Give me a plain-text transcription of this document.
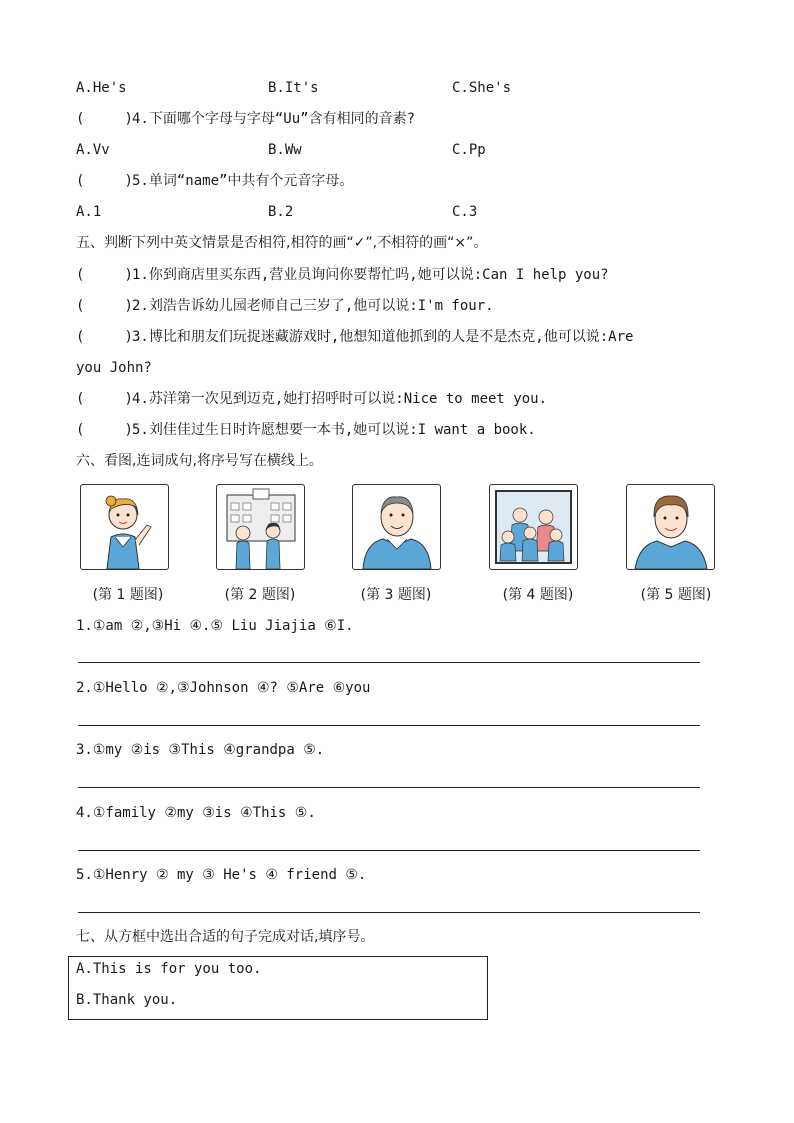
A.He's	B.It's	C.She's
(	)4.下面哪个字母与字母“Uu”含有相同的音素?
A.Vv	B.Ww	C.Pp
(	)5.单词“name”中共有个元音字母。
A.1	B.2	C.3
五、判断下列中英文情景是否相符,相符的画“✓”,不相符的画“×”。
(	)1.你到商店里买东西,营业员询问你要帮忙吗,她可以说:Can I help you?
(	)2.刘浩告诉幼儿园老师自己三岁了,他可以说:I'm four.
(	)3.博比和朋友们玩捉迷藏游戏时,他想知道他抓到的人是不是杰克,他可以说:Are
you John?
(	)4.苏洋第一次见到迈克,她打招呼时可以说:Nice to meet you.
(	)5.刘佳佳过生日时许愿想要一本书,她可以说:I want a book.
六、看图,连词成句,将序号写在横线上。
(第 1 题图)	(第 2 题图)	(第 3 题图)	(第 4 题图)	(第 5 题图)
1.①am ②,③Hi ④.⑤ Liu Jiajia ⑥I.
2.①Hello ②,③Johnson ④? ⑤Are ⑥you
3.①my ②is ③This ④grandpa ⑤.
4.①family ②my ③is ④This ⑤.
5.①Henry ② my ③ He's ④ friend ⑤.
七、从方框中选出合适的句子完成对话,填序号。
A.This is for you too.
B.Thank you.
